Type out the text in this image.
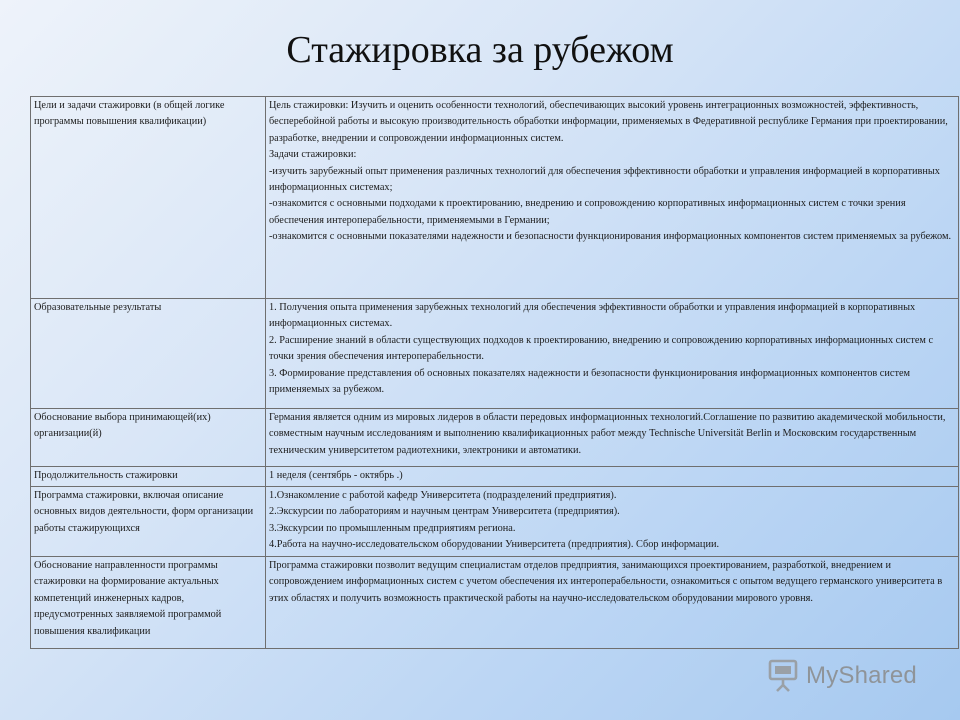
Стажировка за рубежом
Цели и задачи стажировки (в общей логике программы повышения квалификации)	Цель стажировки: Изучить и оценить особенности технологий, обеспечивающих высокий уровень интеграционных возможностей, эффективность, бесперебойной работы и высокую производительность обработки информации, применяемых в Федеративной республике Германия при проектировании, разработке, внедрении и сопровождении информационных систем.

Задачи стажировки:

-изучить зарубежный опыт применения различных технологий для обеспечения эффективности обработки и управления информацией в корпоративных информационных системах;

-ознакомится с основными подходами к проектированию, внедрению и сопровождению корпоративных информационных систем с точки зрения обеспечения интероперабельности, применяемыми в Германии;

-ознакомится с основными показателями надежности и безопасности функционирования информационных компонентов систем применяемых за рубежом.

Образовательные результаты	1. Получения опыта применения зарубежных технологий для обеспечения эффективности обработки и управления информацией в корпоративных информационных системах.

2. Расширение знаний в области существующих подходов к проектированию, внедрению и сопровождению корпоративных информационных систем с точки зрения обеспечения интероперабельности.

3. Формирование представления об основных показателях надежности и безопасности функционирования информационных компонентов систем применяемых за рубежом.

Обоснование выбора принимающей(их) организации(й)	Германия является одним из мировых лидеров в области передовых информационных технологий.Соглашение по развитию академической мобильности, совместным научным исследованиям и выполнению квалификационных работ между Technische Universität Berlin и Московским государственным техническим университетом радиотехники, электроники и автоматики.

Продолжительность стажировки	1 неделя (сентябрь - октябрь .)

Программа стажировки, включая описание основных видов деятельности, форм организации работы стажирующихся	1.Ознакомление с работой кафедр Университета (подразделений предприятия).

2.Экскурсии по лабораториям и научным центрам Университета (предприятия).

3.Экскурсии по промышленным предприятиям региона.

4.Работа на научно-исследовательском оборудовании Университета (предприятия). Сбор информации.

Обоснование направленности программы стажировки на формирование актуальных компетенций инженерных кадров, предусмотренных заявляемой программой повышения квалификации	Программа стажировки позволит ведущим специалистам отделов предприятия, занимающихся проектированием, разработкой, внедрением и сопровождением информационных систем с учетом обеспечения их интероперабельности, ознакомиться с опытом ведущего германского университета в этих областях и получить возможность практической работы на научно-исследовательском оборудовании мирового уровня.

MyShared
